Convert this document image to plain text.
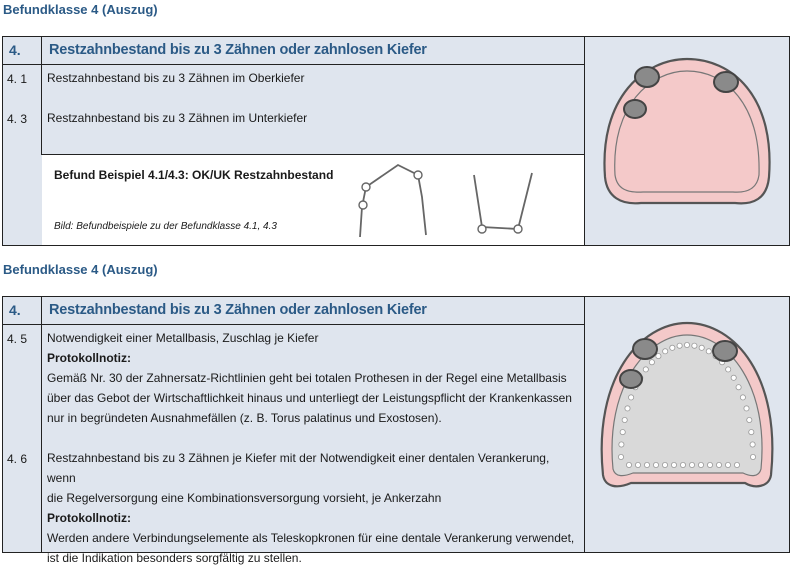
Befundklasse 4 (Auszug)
4. Restzahnbestand bis zu 3 Zähnen oder zahnlosen Kiefer
4. 1 Restzahnbestand bis zu 3 Zähnen im Oberkiefer
4. 3 Restzahnbestand bis zu 3 Zähnen im Unterkiefer
Befund Beispiel 4.1/4.3: OK/UK Restzahnbestand
Bild: Befundbeispiele zu der Befundklasse 4.1, 4.3
Befundklasse 4 (Auszug)
4. Restzahnbestand bis zu 3 Zähnen oder zahnlosen Kiefer
4. 5 Notwendigkeit einer Metallbasis, Zuschlag je Kiefer
Protokollnotiz:
Gemäß Nr. 30 der Zahnersatz-Richtlinien geht bei totalen Prothesen in der Regel eine Metallbasis
über das Gebot der Wirtschaftlichkeit hinaus und unterliegt der Leistungspflicht der Krankenkassen
nur in begründeten Ausnahmefällen (z. B. Torus palatinus und Exostosen).
4. 6 Restzahnbestand bis zu 3 Zähnen je Kiefer mit der Notwendigkeit einer dentalen Verankerung, wenn
die Regelversorgung eine Kombinationsversorgung vorsieht, je Ankerzahn
Protokollnotiz:
Werden andere Verbindungselemente als Teleskopkronen für eine dentale Verankerung verwendet,
ist die Indikation besonders sorgfältig zu stellen.
